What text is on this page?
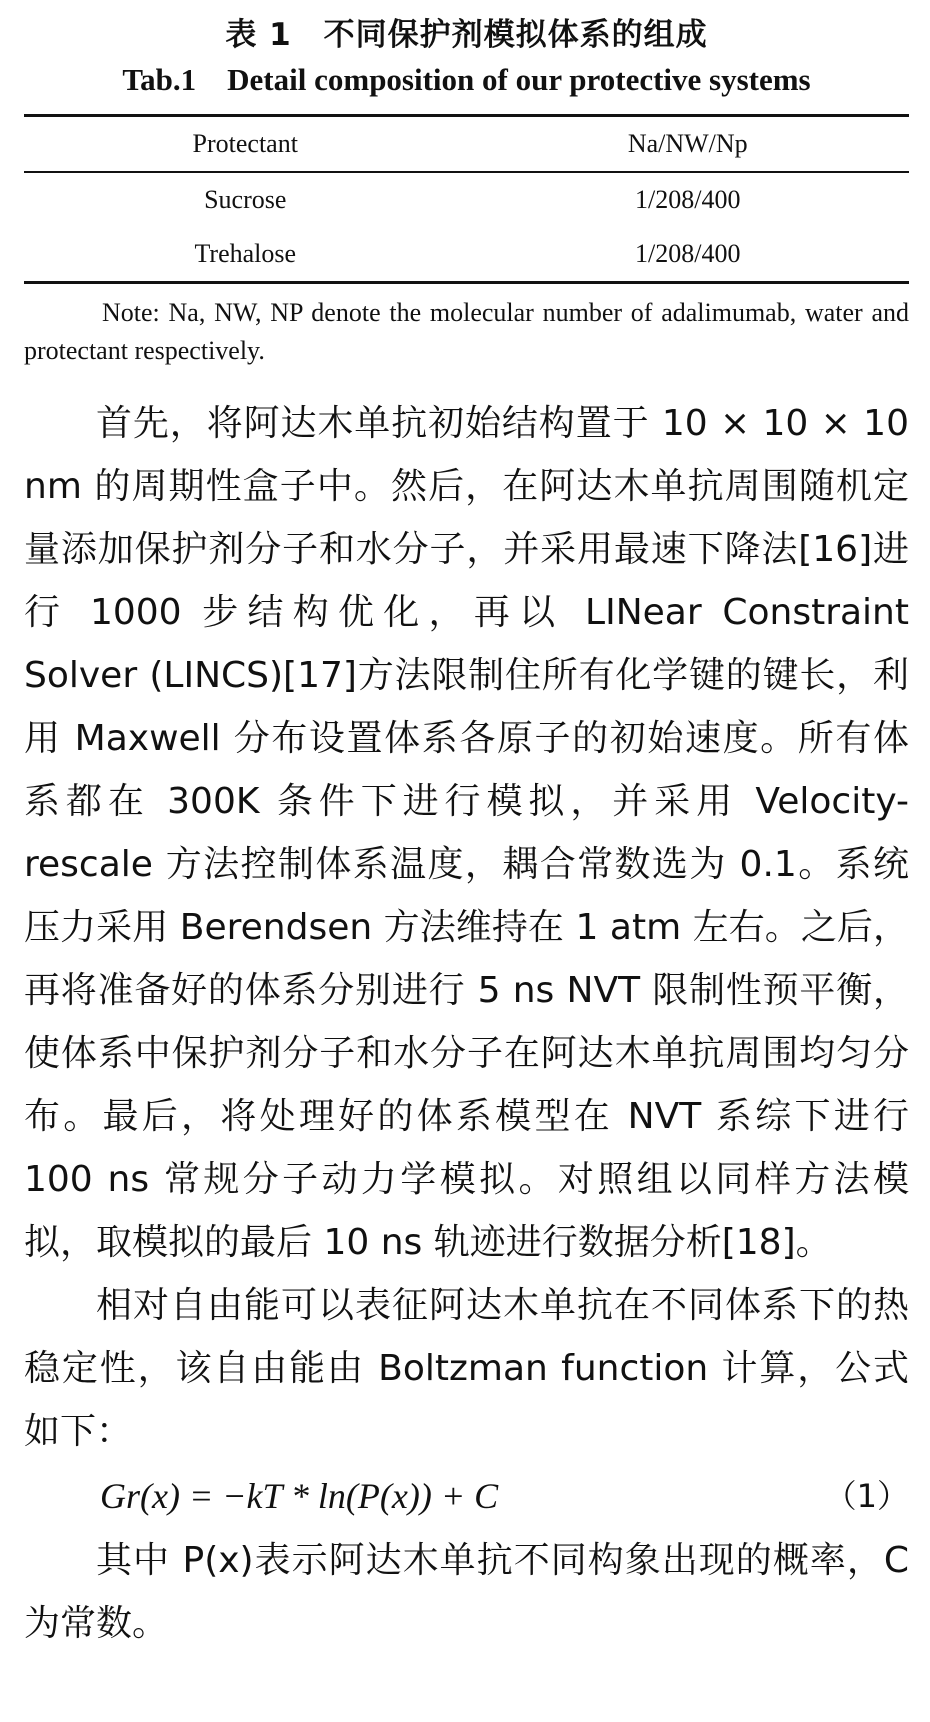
表 1　不同保护剂模拟体系的组成
Tab.1　Detail composition of our protective systems
Protectant	Na/NW/Np
Sucrose	1/208/400
Trehalose	1/208/400
Note: Na, NW, NP denote the molecular number of adalimumab, water and protectant respectively.

首先，将阿达木单抗初始结构置于 10 × 10 × 10 nm 的周期性盒子中。然后，在阿达木单抗周围随机定量添加保护剂分子和水分子，并采用最速下降法[16]进行 1000 步结构优化，再以 LINear Constraint Solver (LINCS)[17]方法限制住所有化学键的键长，利用 Maxwell 分布设置体系各原子的初始速度。所有体系都在 300K 条件下进行模拟，并采用 Velocity- rescale 方法控制体系温度，耦合常数选为 0.1。系统压力采用 Berendsen 方法维持在 1 atm 左右。之后，再将准备好的体系分别进行 5 ns NVT 限制性预平衡，使体系中保护剂分子和水分子在阿达木单抗周围均匀分布。最后，将处理好的体系模型在 NVT 系综下进行 100 ns 常规分子动力学模拟。对照组以同样方法模拟，取模拟的最后 10 ns 轨迹进行数据分析[18]。

相对自由能可以表征阿达木单抗在不同体系下的热稳定性，该自由能由 Boltzman function 计算，公式如下：

Gr(x) = −kT * ln(P(x)) + C	（1）

其中 P(x)表示阿达木单抗不同构象出现的概率，C 为常数。
